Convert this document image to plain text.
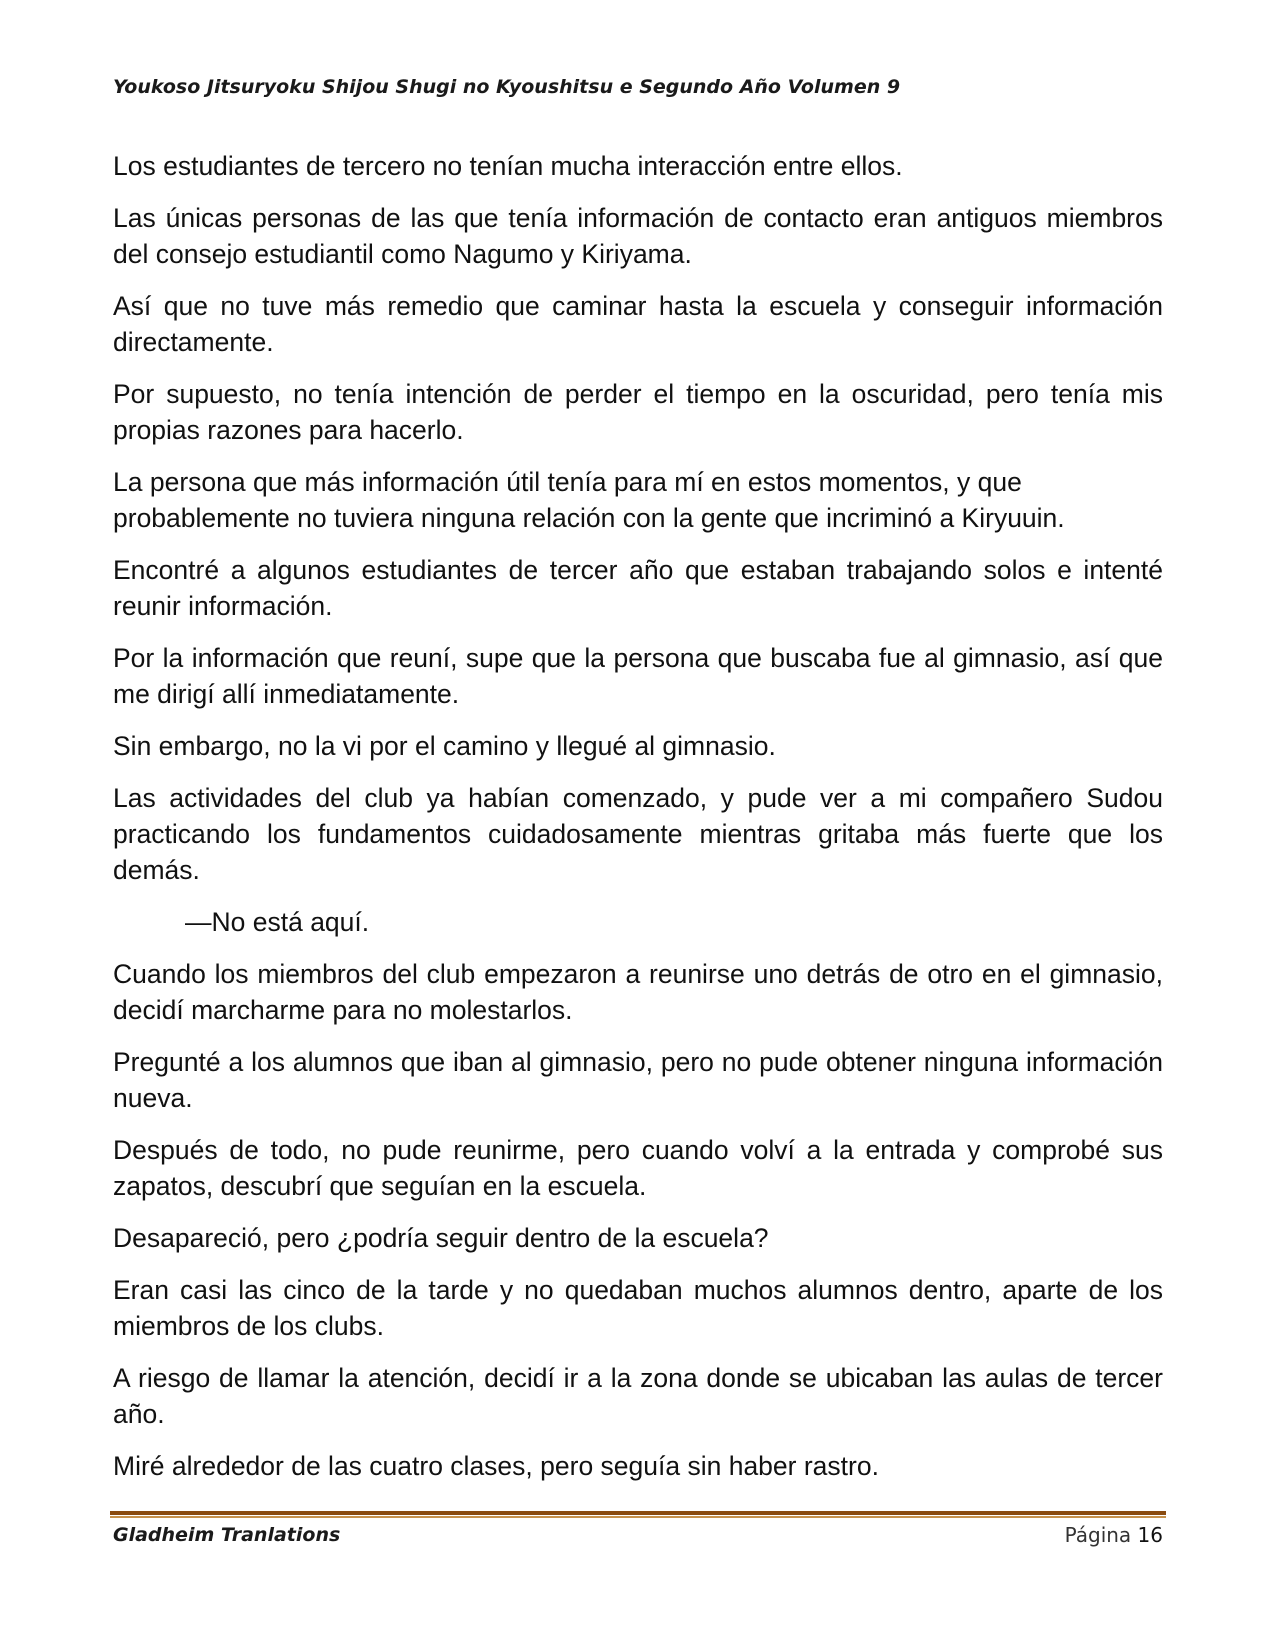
Youkoso Jitsuryoku Shijou Shugi no Kyoushitsu e Segundo Año Volumen 9

Los estudiantes de tercero no tenían mucha interacción entre ellos.

Las únicas personas de las que tenía información de contacto eran antiguos miembros del consejo estudiantil como Nagumo y Kiriyama.

Así que no tuve más remedio que caminar hasta la escuela y conseguir información directamente.

Por supuesto, no tenía intención de perder el tiempo en la oscuridad, pero tenía mis propias razones para hacerlo.

La persona que más información útil tenía para mí en estos momentos, y que probablemente no tuviera ninguna relación con la gente que incriminó a Kiryuuin.

Encontré a algunos estudiantes de tercer año que estaban trabajando solos e intenté reunir información.

Por la información que reuní, supe que la persona que buscaba fue al gimnasio, así que me dirigí allí inmediatamente.

Sin embargo, no la vi por el camino y llegué al gimnasio.

Las actividades del club ya habían comenzado, y pude ver a mi compañero Sudou practicando los fundamentos cuidadosamente mientras gritaba más fuerte que los demás.

—No está aquí.

Cuando los miembros del club empezaron a reunirse uno detrás de otro en el gimnasio, decidí marcharme para no molestarlos.

Pregunté a los alumnos que iban al gimnasio, pero no pude obtener ninguna información nueva.

Después de todo, no pude reunirme, pero cuando volví a la entrada y comprobé sus zapatos, descubrí que seguían en la escuela.

Desapareció, pero ¿podría seguir dentro de la escuela?

Eran casi las cinco de la tarde y no quedaban muchos alumnos dentro, aparte de los miembros de los clubs.

A riesgo de llamar la atención, decidí ir a la zona donde se ubicaban las aulas de tercer año.

Miré alrededor de las cuatro clases, pero seguía sin haber rastro.

Gladheim Tranlations	Página 16
